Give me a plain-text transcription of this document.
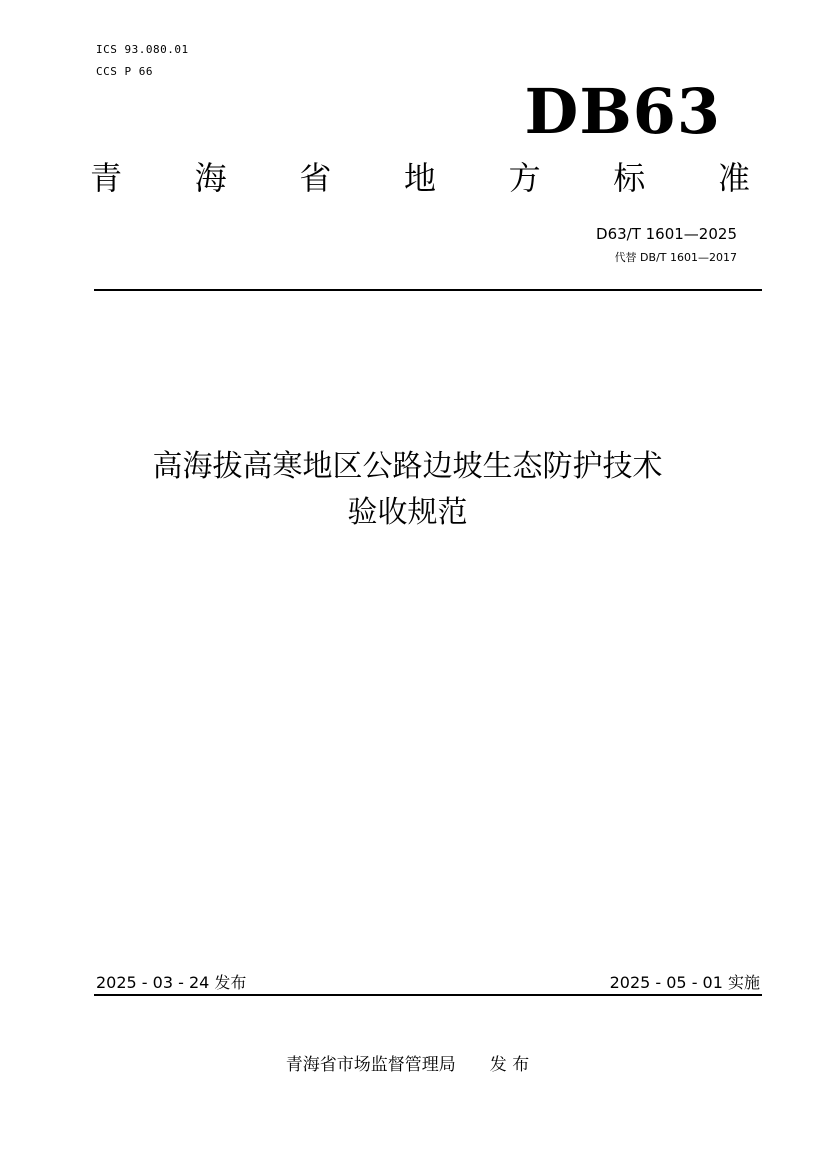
ICS 93.080.01
CCS P 66
DB63
青 海 省 地 方 标 准
D63/T 1601—2025
代替 DB/T 1601—2017
高海拔高寒地区公路边坡生态防护技术
验收规范
2025 - 03 - 24 发布	2025 - 05 - 01 实施
青海省市场监督管理局 发 布
